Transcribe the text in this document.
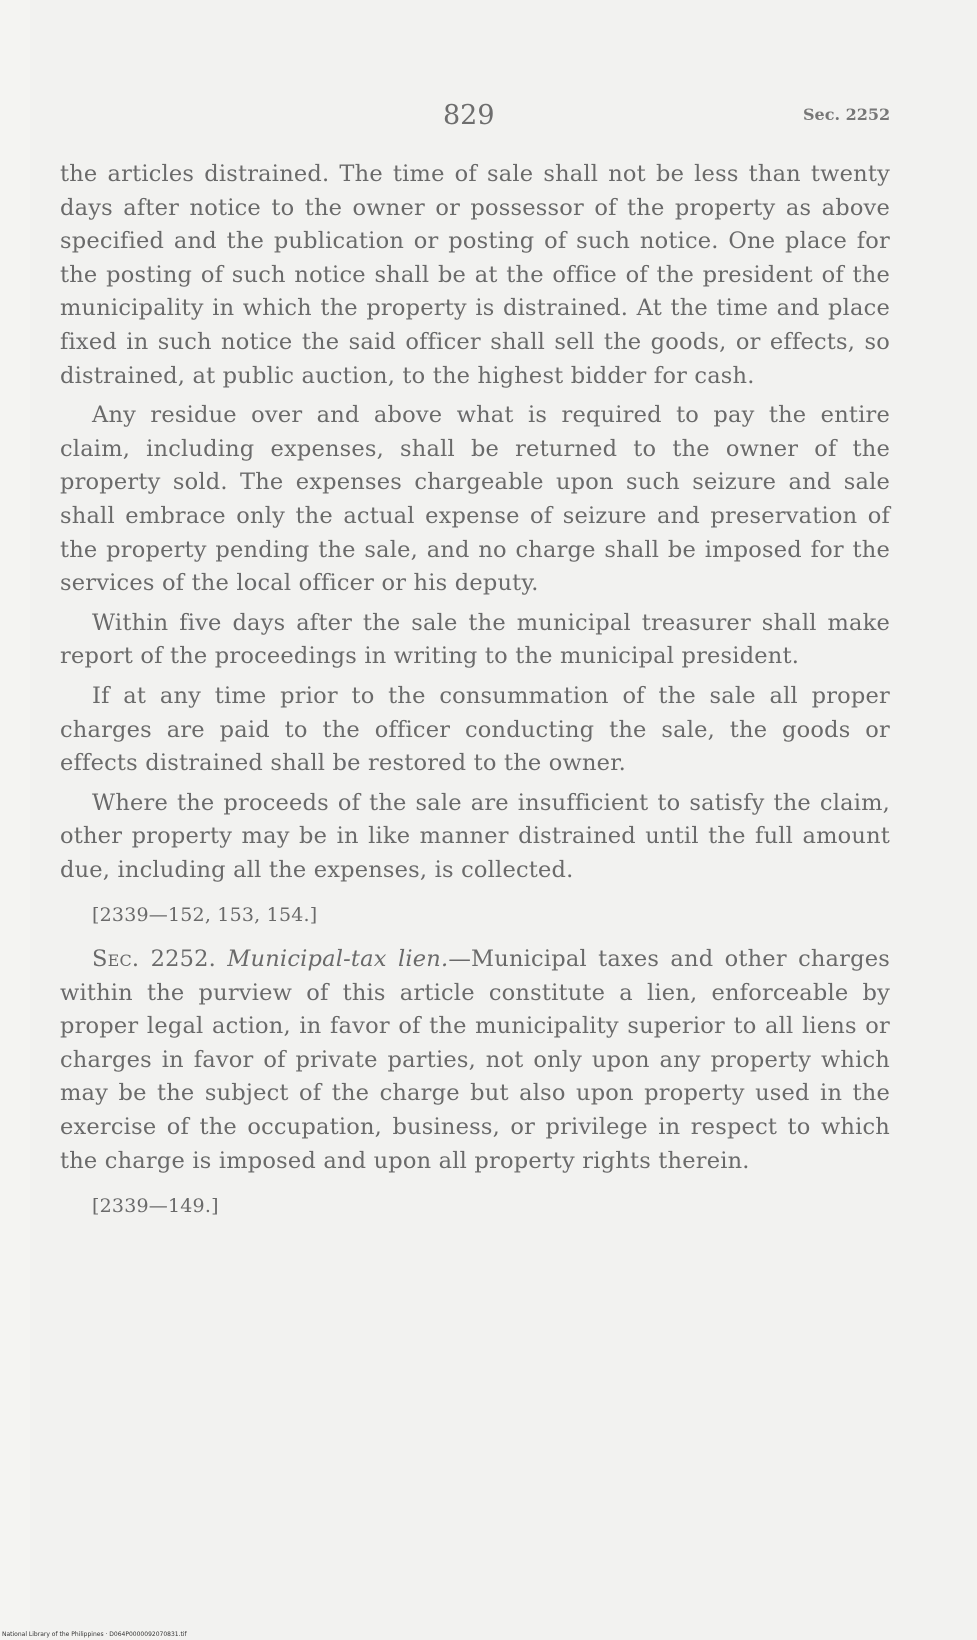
829	Sec. 2252

the articles distrained. The time of sale shall not be less than twenty days after notice to the owner or possessor of the property as above specified and the publication or posting of such notice. One place for the posting of such notice shall be at the office of the president of the municipality in which the property is distrained. At the time and place fixed in such notice the said officer shall sell the goods, or effects, so distrained, at public auction, to the highest bidder for cash.

Any residue over and above what is required to pay the entire claim, including expenses, shall be returned to the owner of the property sold. The expenses chargeable upon such seizure and sale shall embrace only the actual expense of seizure and preservation of the property pending the sale, and no charge shall be imposed for the services of the local officer or his deputy.

Within five days after the sale the municipal treasurer shall make report of the proceedings in writing to the municipal president.

If at any time prior to the consummation of the sale all proper charges are paid to the officer conducting the sale, the goods or effects distrained shall be restored to the owner.

Where the proceeds of the sale are insufficient to satisfy the claim, other property may be in like manner distrained until the full amount due, including all the expenses, is collected.

[2339—152, 153, 154.]

Sec. 2252. Municipal-tax lien.—Municipal taxes and other charges within the purview of this article constitute a lien, enforceable by proper legal action, in favor of the municipality superior to all liens or charges in favor of private parties, not only upon any property which may be the subject of the charge but also upon property used in the exercise of the occupation, business, or privilege in respect to which the charge is imposed and upon all property rights therein.

[2339—149.]

National Library of the Philippines · D064P0000092070831.tif
